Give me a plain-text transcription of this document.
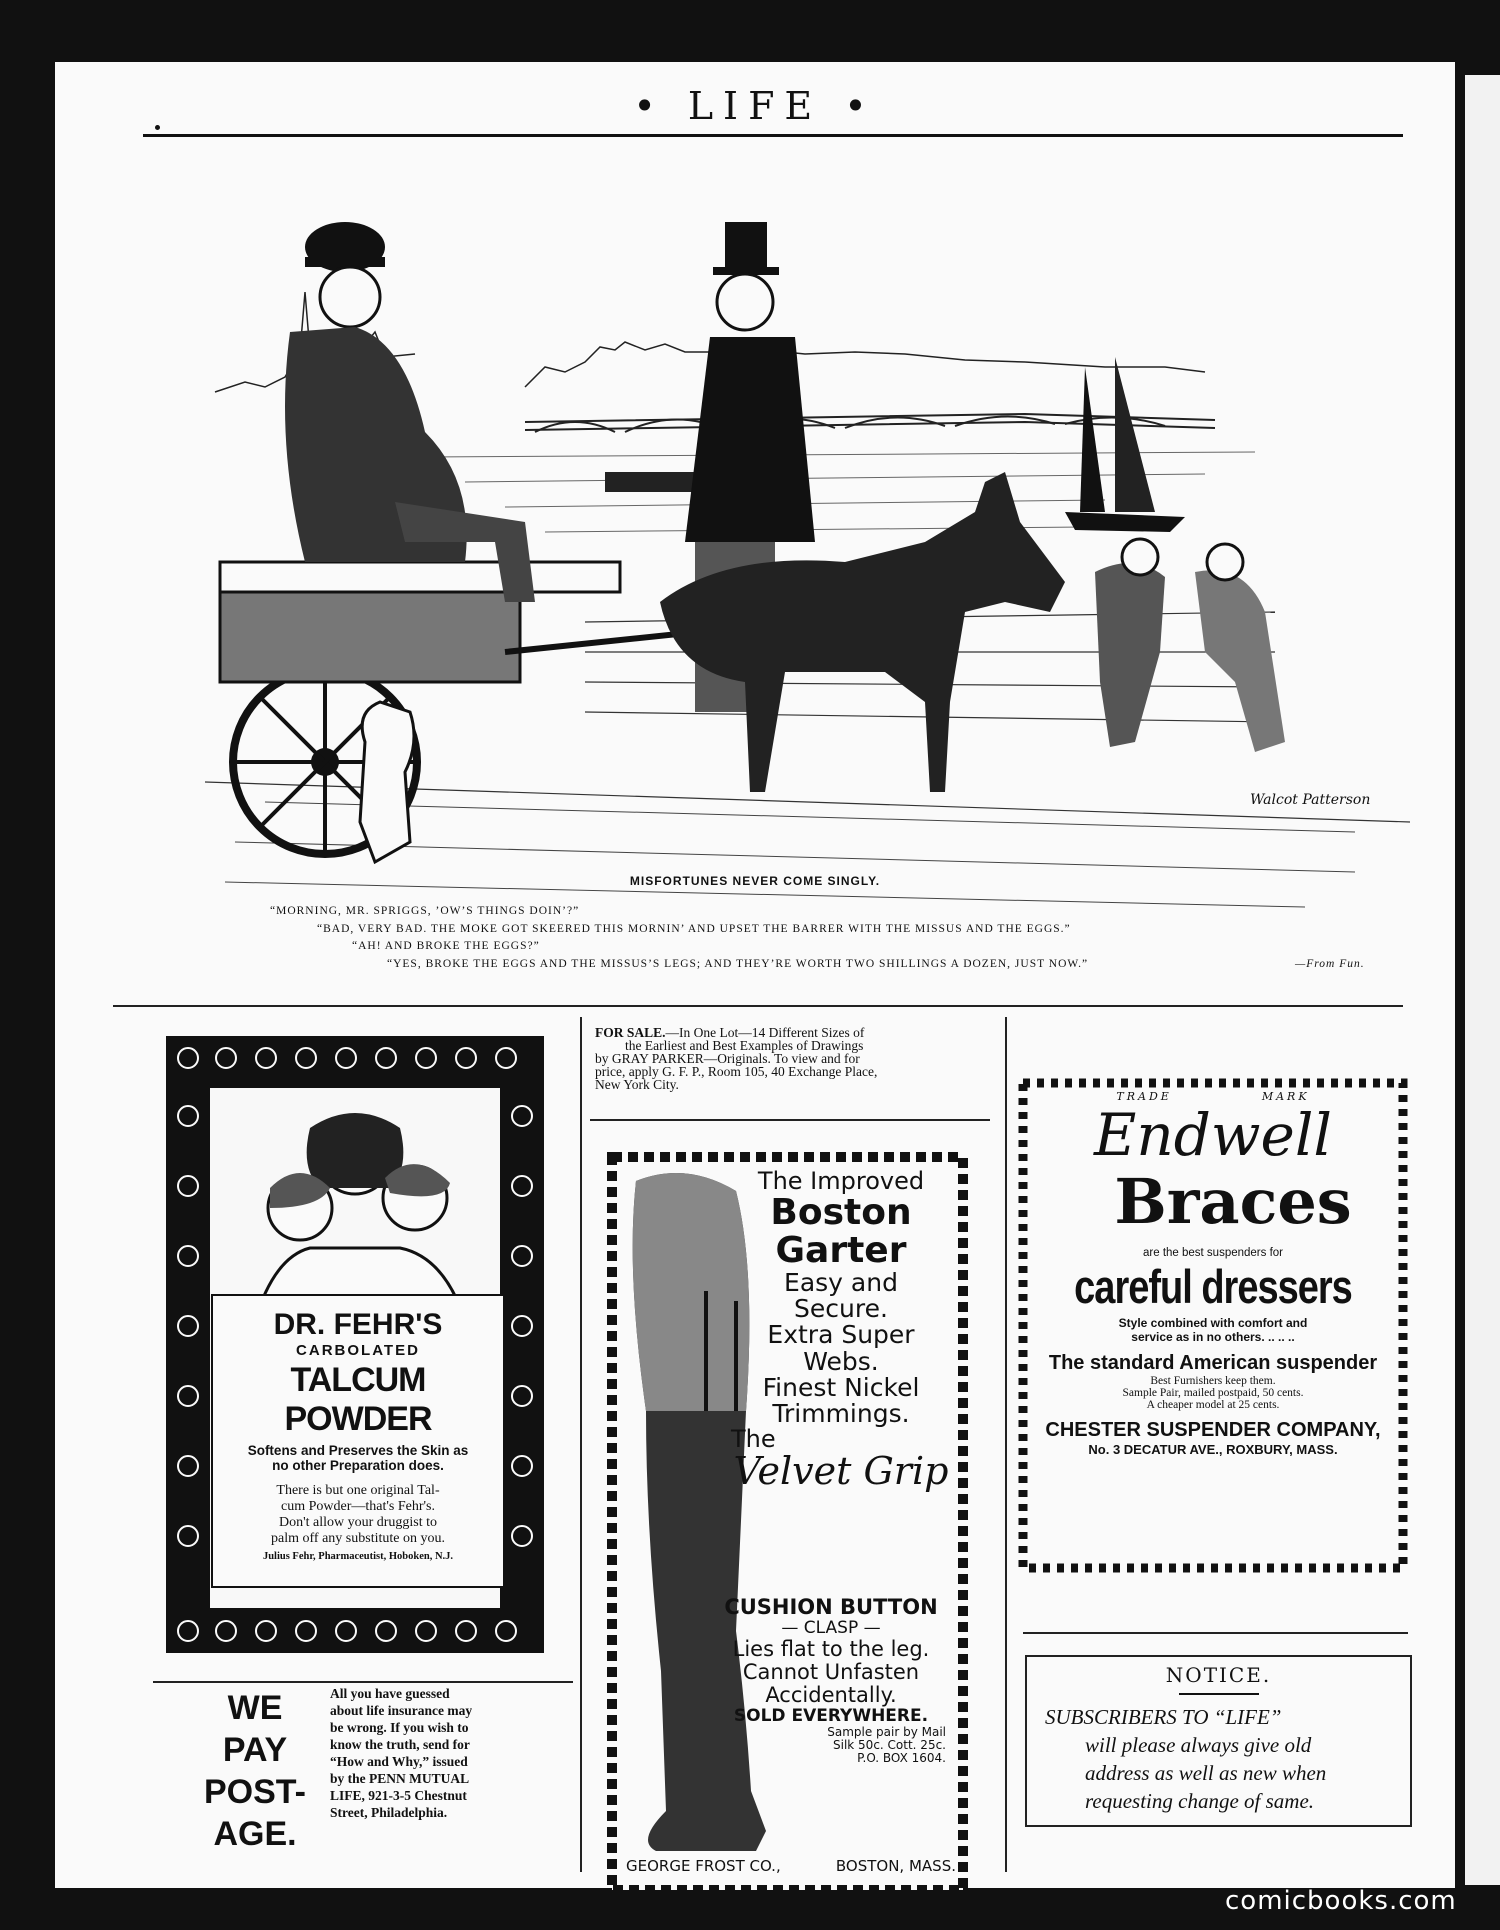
• LIFE •
Walcot Patterson
MISFORTUNES NEVER COME SINGLY.
“MORNING, MR. SPRIGGS, ’OW’S THINGS DOIN’?”
“BAD, VERY BAD. THE MOKE GOT SKEERED THIS MORNIN’ AND UPSET THE BARRER WITH THE MISSUS AND THE EGGS.”
“AH! AND BROKE THE EGGS?”
“YES, BROKE THE EGGS AND THE MISSUS’S LEGS; AND THEY’RE WORTH TWO SHILLINGS A DOZEN, JUST NOW.”	—From Fun.
DR. FEHR'S
CARBOLATED
TALCUM POWDER
Softens and Preserves the Skin as
no other Preparation does.
There is but one original Tal-
cum Powder—that's Fehr's.
Don't allow your druggist to
palm off any substitute on you.
Julius Fehr, Pharmaceutist, Hoboken, N.J.
WE
PAY
POST-
AGE.
All you have guessed
about life insurance may
be wrong. If you wish to
know the truth, send for
“How and Why,” issued
by the PENN MUTUAL
LIFE, 921-3-5 Chestnut
Street, Philadelphia.
FOR SALE.—In One Lot—14 Different Sizes of
the Earliest and Best Examples of Drawings
by GRAY PARKER—Originals. To view and for
price, apply G. F. P., Room 105, 40 Exchange Place,
New York City.
The Improved
Boston
Garter
Easy and
Secure.
Extra Super
Webs.
Finest Nickel
Trimmings.
The
Velvet Grip
CUSHION BUTTON
— CLASP —
Lies flat to the leg.
Cannot Unfasten
Accidentally.
SOLD EVERYWHERE.
Sample pair by Mail
Silk 50c. Cott. 25c.
P.O. BOX 1604.
GEORGE FROST CO.,	BOSTON, MASS.
TRADE	MARK
Endwell
Braces
are the best suspenders for
careful dressers
Style combined with comfort and
service as in no others. .. .. ..
The standard American suspender
Best Furnishers keep them.
Sample Pair, mailed postpaid, 50 cents.
A cheaper model at 25 cents.
CHESTER SUSPENDER COMPANY,
No. 3 DECATUR AVE., ROXBURY, MASS.
NOTICE.
SUBSCRIBERS TO “LIFE”
will please always give old
address as well as new when
requesting change of same.
comicbooks.com
